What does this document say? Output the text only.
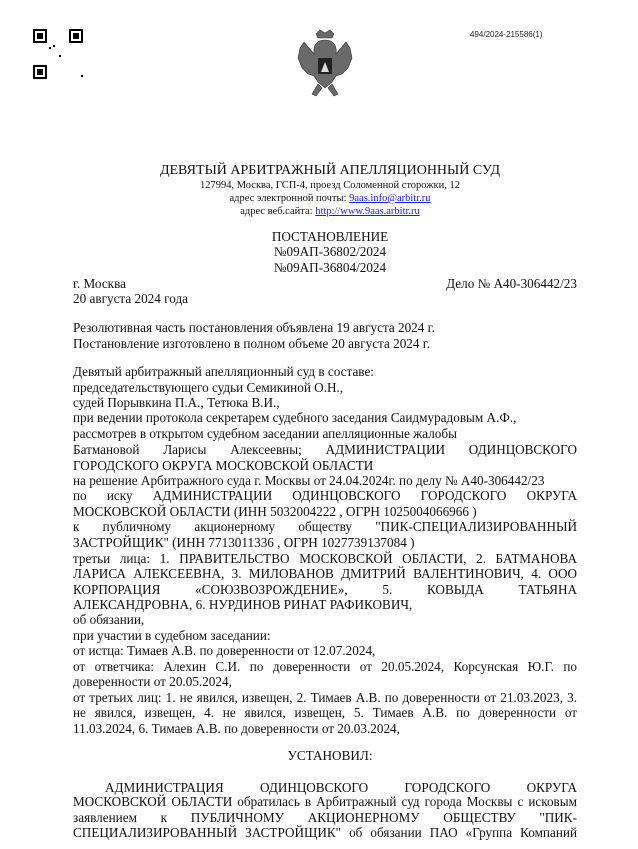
494/2024-215586(1)
ДЕВЯТЫЙ АРБИТРАЖНЫЙ АПЕЛЛЯЦИОННЫЙ СУД
127994, Москва, ГСП-4, проезд Соломенной сторожки, 12
адрес электронной почты: 9aas.info@arbitr.ru
адрес веб.сайта: http://www.9aas.arbitr.ru
ПОСТАНОВЛЕНИЕ
№09АП-36802/2024
№09АП-36804/2024
г. Москва	Дело № А40-306442/23
20 августа 2024 года
Резолютивная часть постановления объявлена 19 августа 2024 г.
Постановление изготовлено в полном объеме 20 августа 2024 г.
Девятый арбитражный апелляционный суд в составе:
председательствующего судьи Семикиной О.Н.,
судей Порывкина П.А., Тетюка В.И.,
при ведении протокола секретарем судебного заседания Саидмурадовым А.Ф.,
рассмотрев в открытом судебном заседании апелляционные жалобы
Батмановой Ларисы Алексеевны; АДМИНИСТРАЦИИ ОДИНЦОВСКОГО
ГОРОДСКОГО ОКРУГА МОСКОВСКОЙ ОБЛАСТИ
на решение Арбитражного суда г. Москвы от 24.04.2024г. по делу № А40-306442/23
по иску АДМИНИСТРАЦИИ ОДИНЦОВСКОГО ГОРОДСКОГО ОКРУГА
МОСКОВСКОЙ ОБЛАСТИ (ИНН 5032004222 , ОГРН 1025004066966 )
к публичному акционерному обществу "ПИК-СПЕЦИАЛИЗИРОВАННЫЙ
ЗАСТРОЙЩИК" (ИНН 7713011336 , ОГРН 1027739137084 )
третьи лица: 1. ПРАВИТЕЛЬСТВО МОСКОВСКОЙ ОБЛАСТИ, 2. БАТМАНОВА
ЛАРИСА АЛЕКСЕЕВНА, 3. МИЛОВАНОВ ДМИТРИЙ ВАЛЕНТИНОВИЧ, 4. ООО
КОРПОРАЦИЯ «СОЮЗВОЗРОЖДЕНИЕ», 5. КОВЫДА ТАТЬЯНА
АЛЕКСАНДРОВНА, 6. НУРДИНОВ РИНАТ РАФИКОВИЧ,
об обязании,
при участии в судебном заседании:
от истца: Тимаев А.В. по доверенности от 12.07.2024,
от ответчика: Алехин С.И. по доверенности от 20.05.2024, Корсунская Ю.Г. по
доверенности от 20.05.2024,
от третьих лиц: 1. не явился, извещен, 2. Тимаев А.В. по доверенности от 21.03.2023, 3.
не явился, извещен, 4. не явился, извещен, 5. Тимаев А.В. по доверенности от
11.03.2024, 6. Тимаев А.В. по доверенности от 20.03.2024,
УСТАНОВИЛ:
АДМИНИСТРАЦИЯ ОДИНЦОВСКОГО ГОРОДСКОГО ОКРУГА
МОСКОВСКОЙ ОБЛАСТИ обратилась в Арбитражный суд города Москвы с исковым
заявлением к ПУБЛИЧНОМУ АКЦИОНЕРНОМУ ОБЩЕСТВУ "ПИК-
СПЕЦИАЛИЗИРОВАННЫЙ ЗАСТРОЙЩИК" об обязании ПАО «Группа Компаний
